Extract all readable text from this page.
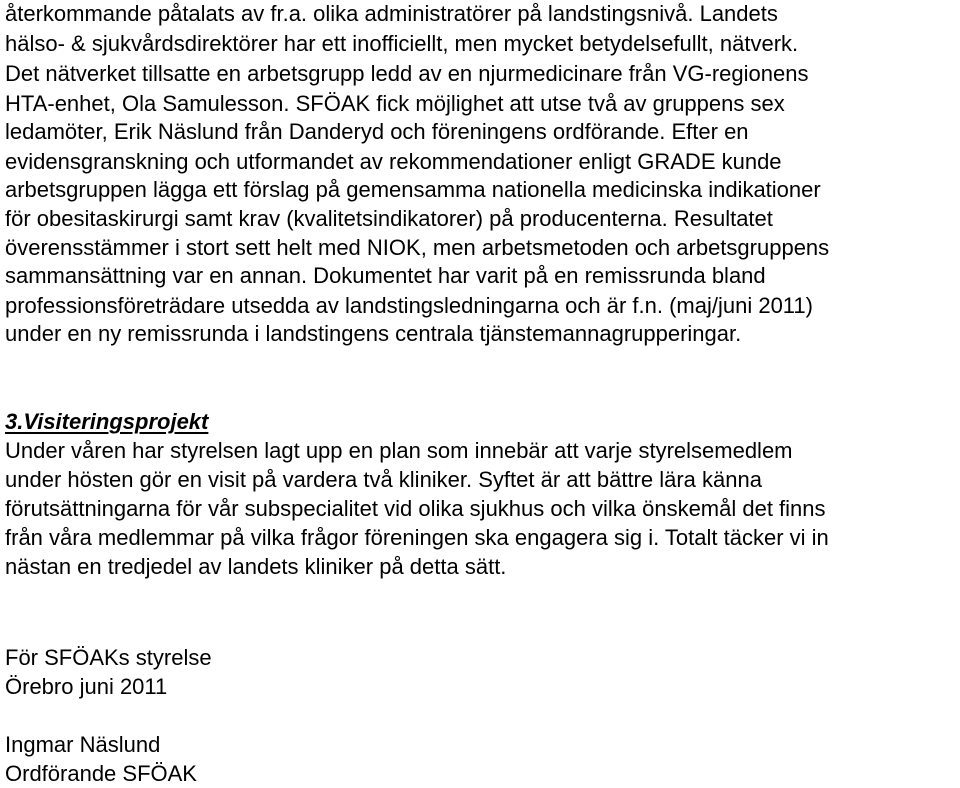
återkommande påtalats av fr.a. olika administratörer på landstingsnivå. Landets
hälso- & sjukvårdsdirektörer har ett inofficiellt, men mycket betydelsefullt, nätverk.
Det nätverket tillsatte en arbetsgrupp ledd av en njurmedicinare från VG-regionens
HTA-enhet, Ola Samulesson. SFÖAK fick möjlighet att utse två av gruppens sex
ledamöter, Erik Näslund från Danderyd och föreningens ordförande. Efter en
evidensgranskning och utformandet av rekommendationer enligt GRADE kunde
arbetsgruppen lägga ett förslag på gemensamma nationella medicinska indikationer
för obesitaskirurgi samt krav (kvalitetsindikatorer) på producenterna. Resultatet
överensstämmer i stort sett helt med NIOK, men arbetsmetoden och arbetsgruppens
sammansättning var en annan. Dokumentet har varit på en remissrunda bland
professionsföreträdare utsedda av landstingsledningarna och är f.n. (maj/juni 2011)
under en ny remissrunda i landstingens centrala tjänstemannagrupperingar.
3.Visiteringsprojekt
Under våren har styrelsen lagt upp en plan som innebär att varje styrelsemedlem
under hösten gör en visit på vardera två kliniker. Syftet är att bättre lära känna
förutsättningarna för vår subspecialitet vid olika sjukhus och vilka önskemål det finns
från våra medlemmar på vilka frågor föreningen ska engagera sig i. Totalt täcker vi in
nästan en tredjedel av landets kliniker på detta sätt.
För SFÖAKs styrelse
Örebro juni 2011
Ingmar Näslund
Ordförande SFÖAK
